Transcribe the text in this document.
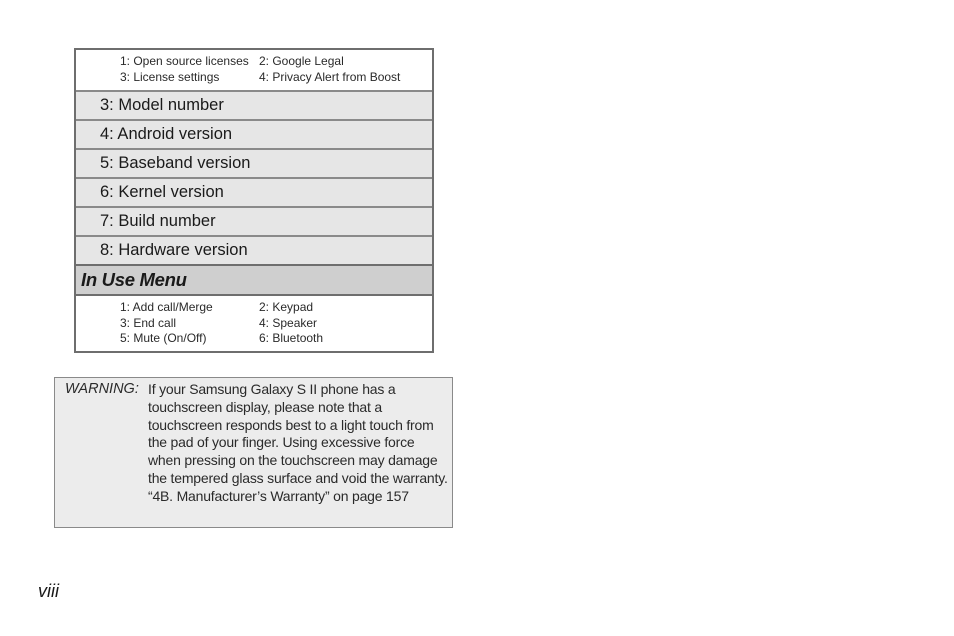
1: Open source licenses 2: Google Legal
3: License settings	4: Privacy Alert from Boost
3: Model number
4: Android version
5: Baseband version
6: Kernel version
7: Build number
8: Hardware version
In Use Menu
1: Add call/Merge	2: Keypad
3: End call	4: Speaker
5: Mute (On/Off)	6: Bluetooth
WARNING: If your Samsung Galaxy S II phone has a touchscreen display, please note that a touchscreen responds best to a light touch from the pad of your finger. Using excessive force when pressing on the touchscreen may damage the tempered glass surface and void the warranty. “4B. Manufacturer’s Warranty” on page 157
viii
